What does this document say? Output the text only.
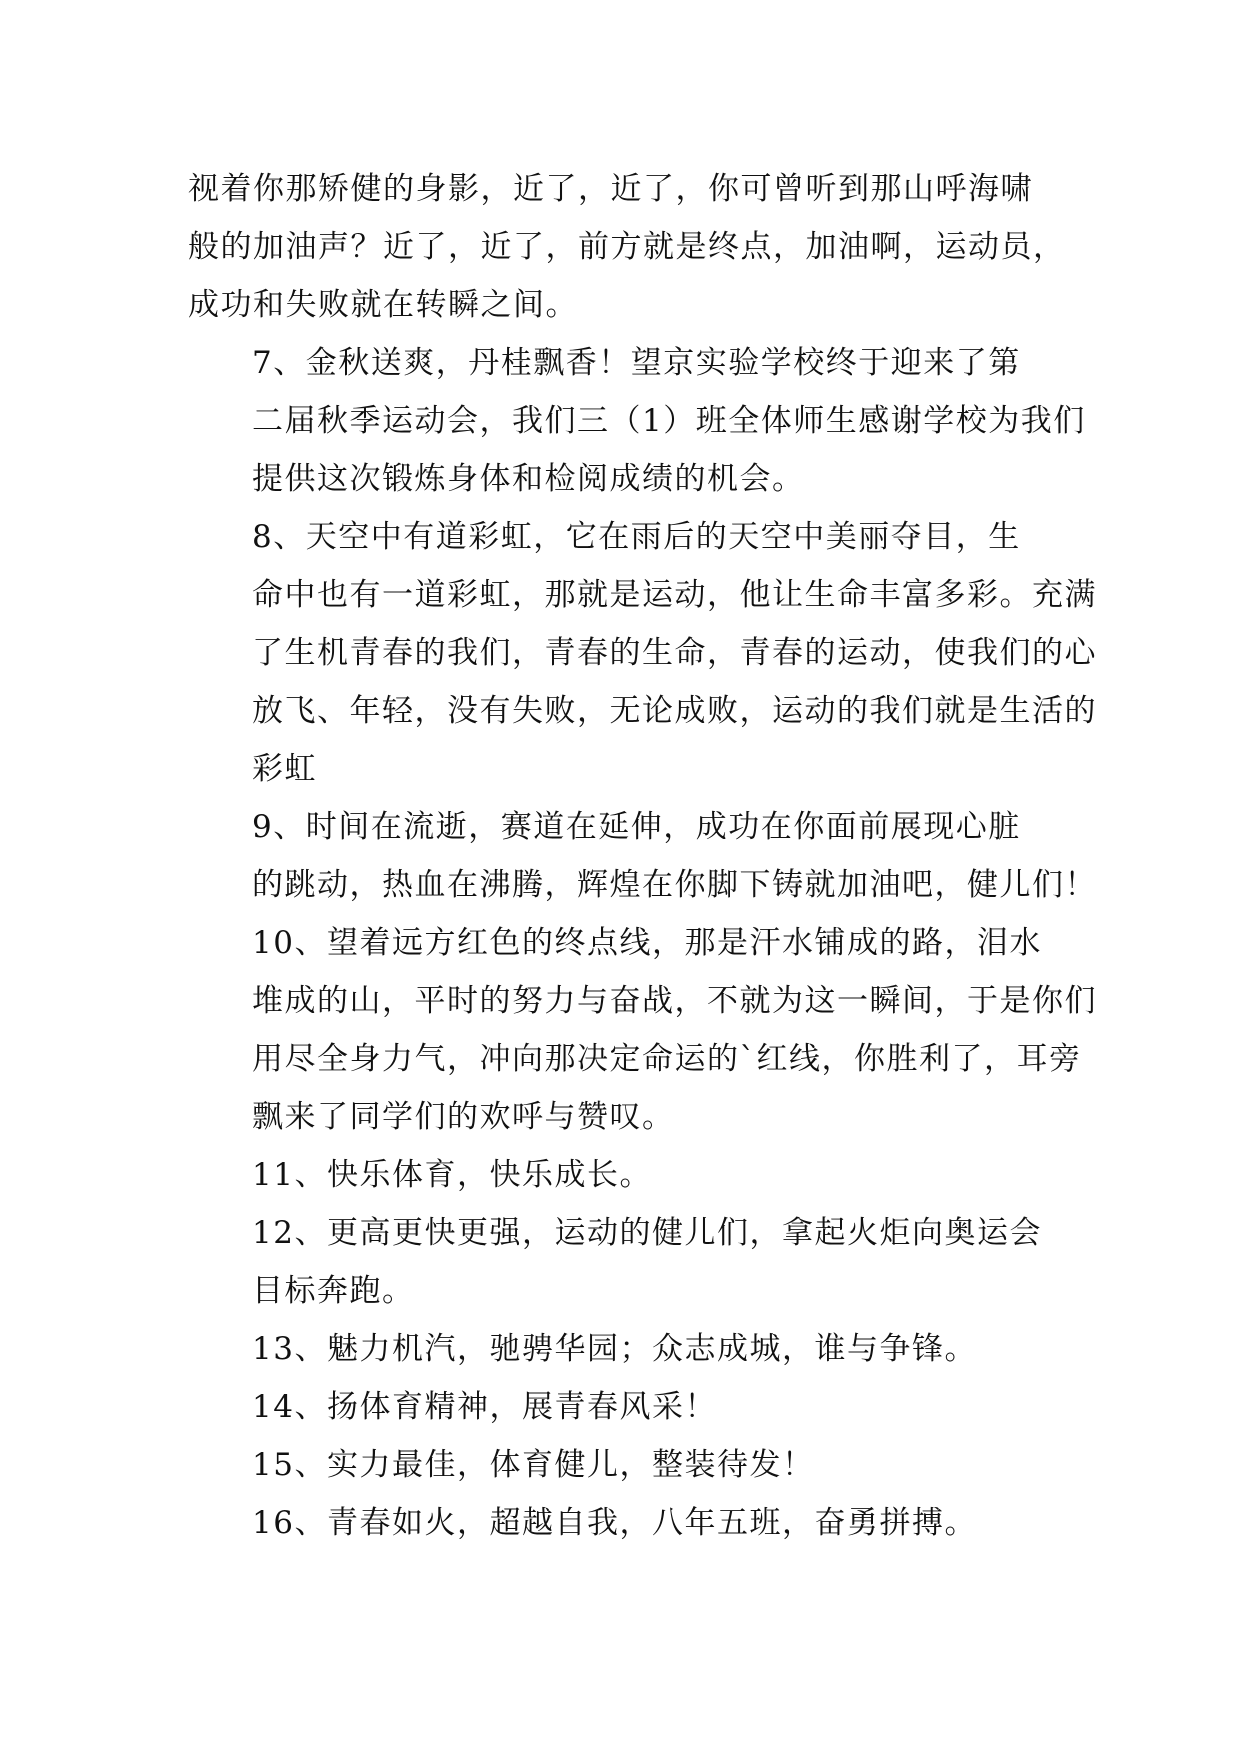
视着你那矫健的身影，近了，近了，你可曾听到那山呼海啸
般的加油声？近了，近了，前方就是终点，加油啊，运动员，
成功和失败就在转瞬之间。

7、金秋送爽，丹桂飘香！望京实验学校终于迎来了第
二届秋季运动会，我们三（1）班全体师生感谢学校为我们
提供这次锻炼身体和检阅成绩的机会。

8、天空中有道彩虹，它在雨后的天空中美丽夺目，生
命中也有一道彩虹，那就是运动，他让生命丰富多彩。充满
了生机青春的我们，青春的生命，青春的运动，使我们的心
放飞、年轻，没有失败，无论成败，运动的我们就是生活的
彩虹

9、时间在流逝，赛道在延伸，成功在你面前展现心脏
的跳动，热血在沸腾，辉煌在你脚下铸就加油吧，健儿们！

10、望着远方红色的终点线，那是汗水铺成的路，泪水
堆成的山，平时的努力与奋战，不就为这一瞬间，于是你们
用尽全身力气，冲向那决定命运的`红线，你胜利了，耳旁
飘来了同学们的欢呼与赞叹。

11、快乐体育，快乐成长。

12、更高更快更强，运动的健儿们，拿起火炬向奥运会
目标奔跑。

13、魅力机汽，驰骋华园；众志成城，谁与争锋。

14、扬体育精神，展青春风采！

15、实力最佳，体育健儿，整装待发！

16、青春如火，超越自我，八年五班，奋勇拼搏。
